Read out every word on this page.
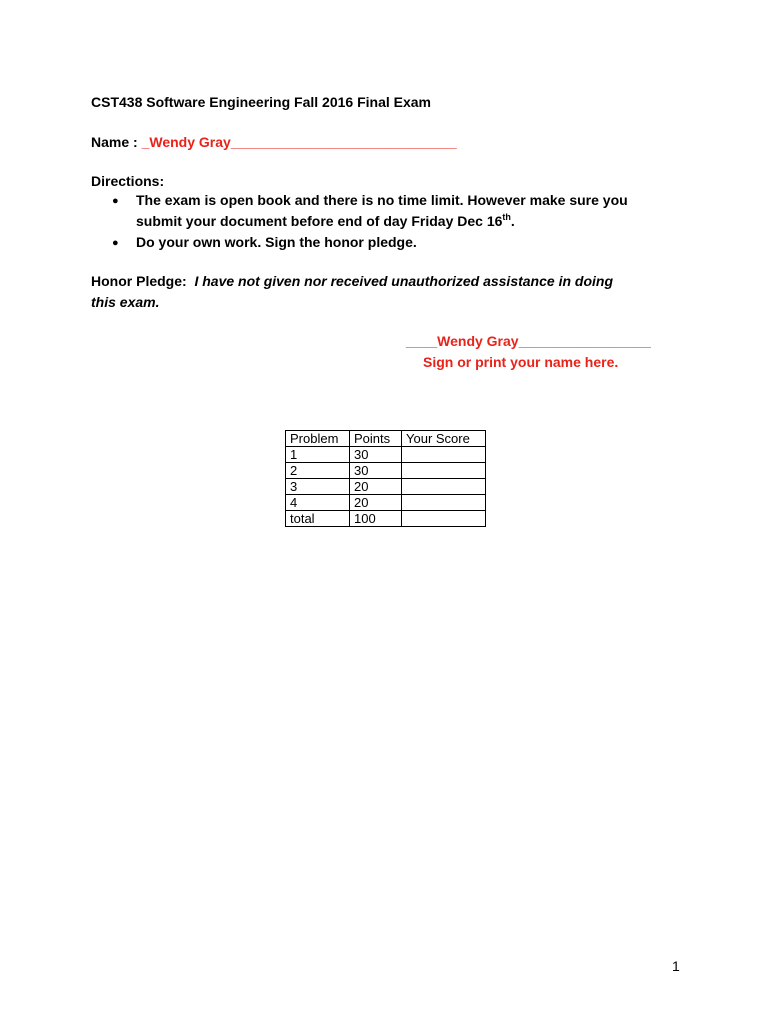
CST438 Software Engineering Fall 2016 Final Exam
Name : _Wendy Gray_____________________________
Directions:
● The exam is open book and there is no time limit. However make sure you
submit your document before end of day Friday Dec 16th.
● Do your own work. Sign the honor pledge.
Honor Pledge: I have not given nor received unauthorized assistance in doing
this exam.
____Wendy Gray_________________
Sign or print your name here.
Problem	Points	Your Score
1	30	
2	30	
3	20	
4	20	
total	100	
1
